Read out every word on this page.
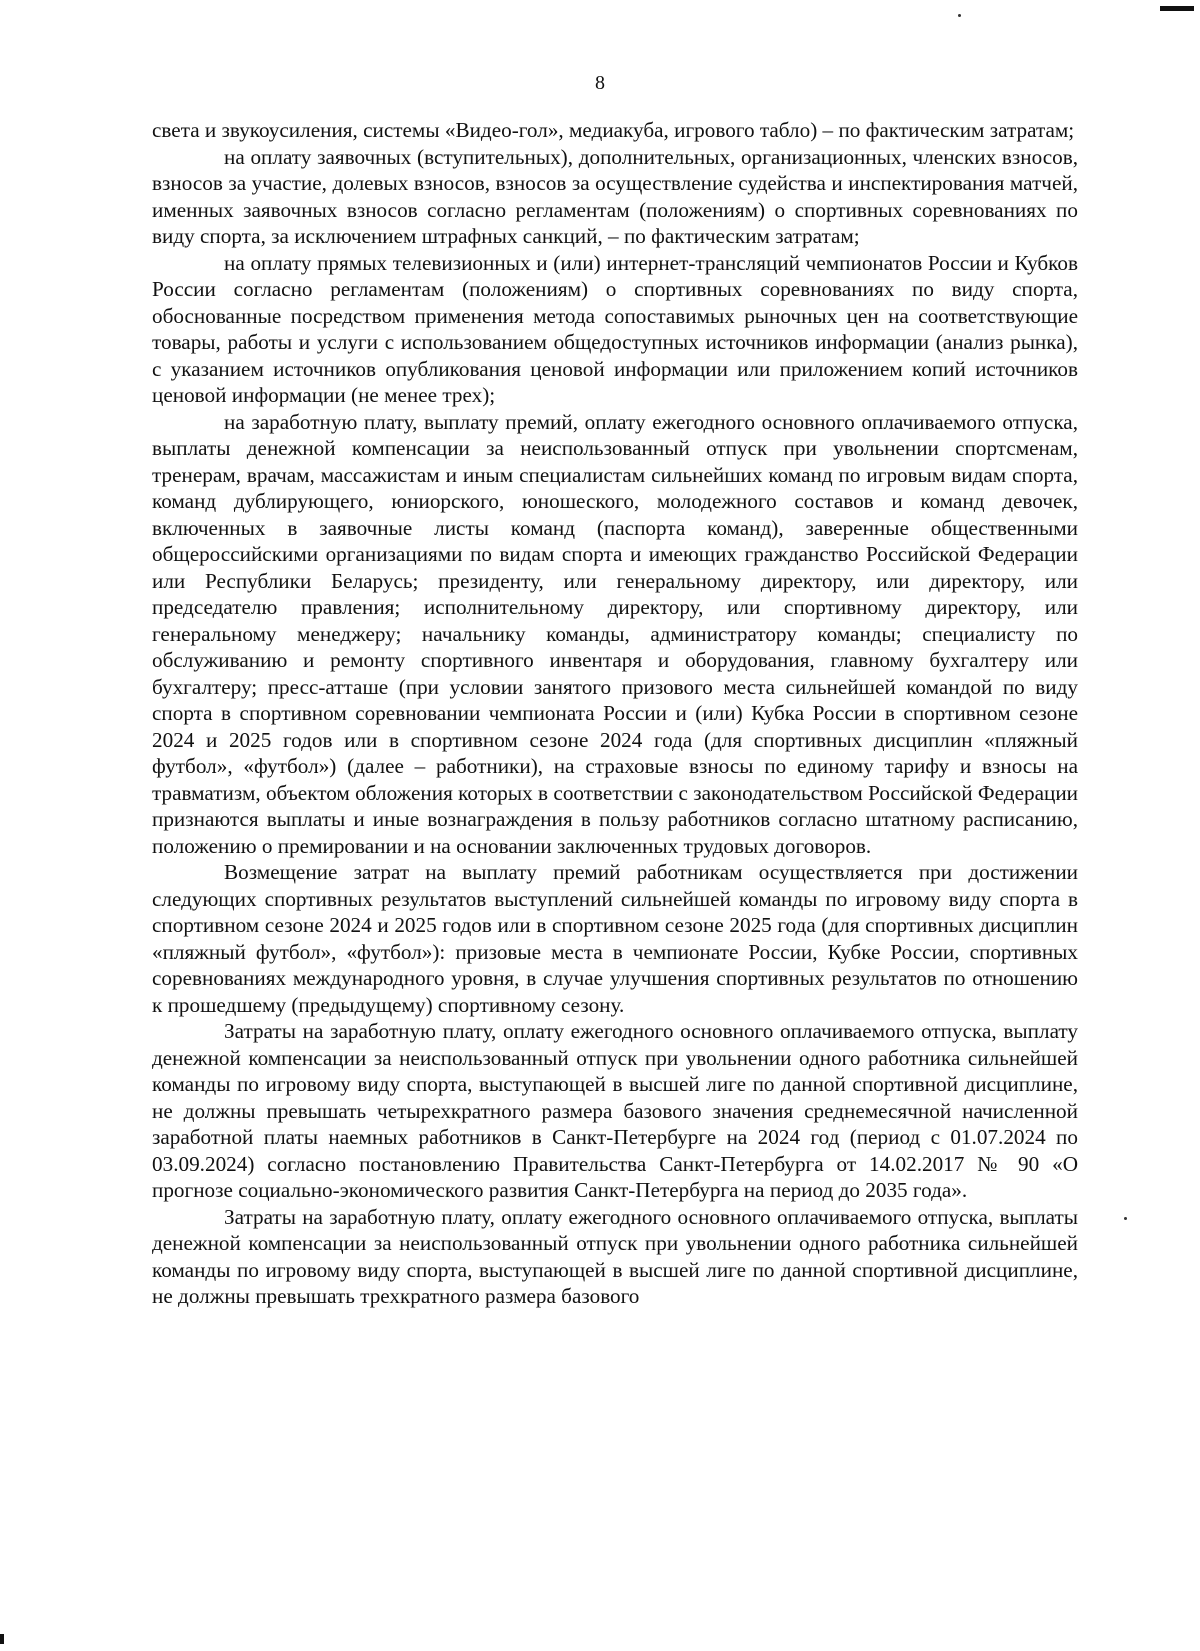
8

света и звукоусиления, системы «Видео-гол», медиакуба, игрового табло) – по фактическим затратам;

на оплату заявочных (вступительных), дополнительных, организационных, членских взносов, взносов за участие, долевых взносов, взносов за осуществление судейства и инспектирования матчей, именных заявочных взносов согласно регламентам (положениям) о спортивных соревнованиях по виду спорта, за исключением штрафных санкций, – по фактическим затратам;

на оплату прямых телевизионных и (или) интернет-трансляций чемпионатов России и Кубков России согласно регламентам (положениям) о спортивных соревнованиях по виду спорта, обоснованные посредством применения метода сопоставимых рыночных цен на соответствующие товары, работы и услуги с использованием общедоступных источников информации (анализ рынка), с указанием источников опубликования ценовой информации или приложением копий источников ценовой информации (не менее трех);

на заработную плату, выплату премий, оплату ежегодного основного оплачиваемого отпуска, выплаты денежной компенсации за неиспользованный отпуск при увольнении спортсменам, тренерам, врачам, массажистам и иным специалистам сильнейших команд по игровым видам спорта, команд дублирующего, юниорского, юношеского, молодежного составов и команд девочек, включенных в заявочные листы команд (паспорта команд), заверенные общественными общероссийскими организациями по видам спорта и имеющих гражданство Российской Федерации или Республики Беларусь; президенту, или генеральному директору, или директору, или председателю правления; исполнительному директору, или спортивному директору, или генеральному менеджеру; начальнику команды, администратору команды; специалисту по обслуживанию и ремонту спортивного инвентаря и оборудования, главному бухгалтеру или бухгалтеру; пресс-атташе (при условии занятого призового места сильнейшей командой по виду спорта в спортивном соревновании чемпионата России и (или) Кубка России в спортивном сезоне 2024 и 2025 годов или в спортивном сезоне 2024 года (для спортивных дисциплин «пляжный футбол», «футбол») (далее – работники), на страховые взносы по единому тарифу и взносы на травматизм, объектом обложения которых в соответствии с законодательством Российской Федерации признаются выплаты и иные вознаграждения в пользу работников согласно штатному расписанию, положению о премировании и на основании заключенных трудовых договоров.

Возмещение затрат на выплату премий работникам осуществляется при достижении следующих спортивных результатов выступлений сильнейшей команды по игровому виду спорта в спортивном сезоне 2024 и 2025 годов или в спортивном сезоне 2025 года (для спортивных дисциплин «пляжный футбол», «футбол»): призовые места в чемпионате России, Кубке России, спортивных соревнованиях международного уровня, в случае улучшения спортивных результатов по отношению к прошедшему (предыдущему) спортивному сезону.

Затраты на заработную плату, оплату ежегодного основного оплачиваемого отпуска, выплату денежной компенсации за неиспользованный отпуск при увольнении одного работника сильнейшей команды по игровому виду спорта, выступающей в высшей лиге по данной спортивной дисциплине, не должны превышать четырехкратного размера базового значения среднемесячной начисленной заработной платы наемных работников в Санкт-Петербурге на 2024 год (период с 01.07.2024 по 03.09.2024) согласно постановлению Правительства Санкт-Петербурга от 14.02.2017 № 90 «О прогнозе социально-экономического развития Санкт-Петербурга на период до 2035 года».

Затраты на заработную плату, оплату ежегодного основного оплачиваемого отпуска, выплаты денежной компенсации за неиспользованный отпуск при увольнении одного работника сильнейшей команды по игровому виду спорта, выступающей в высшей лиге по данной спортивной дисциплине, не должны превышать трехкратного размера базового
